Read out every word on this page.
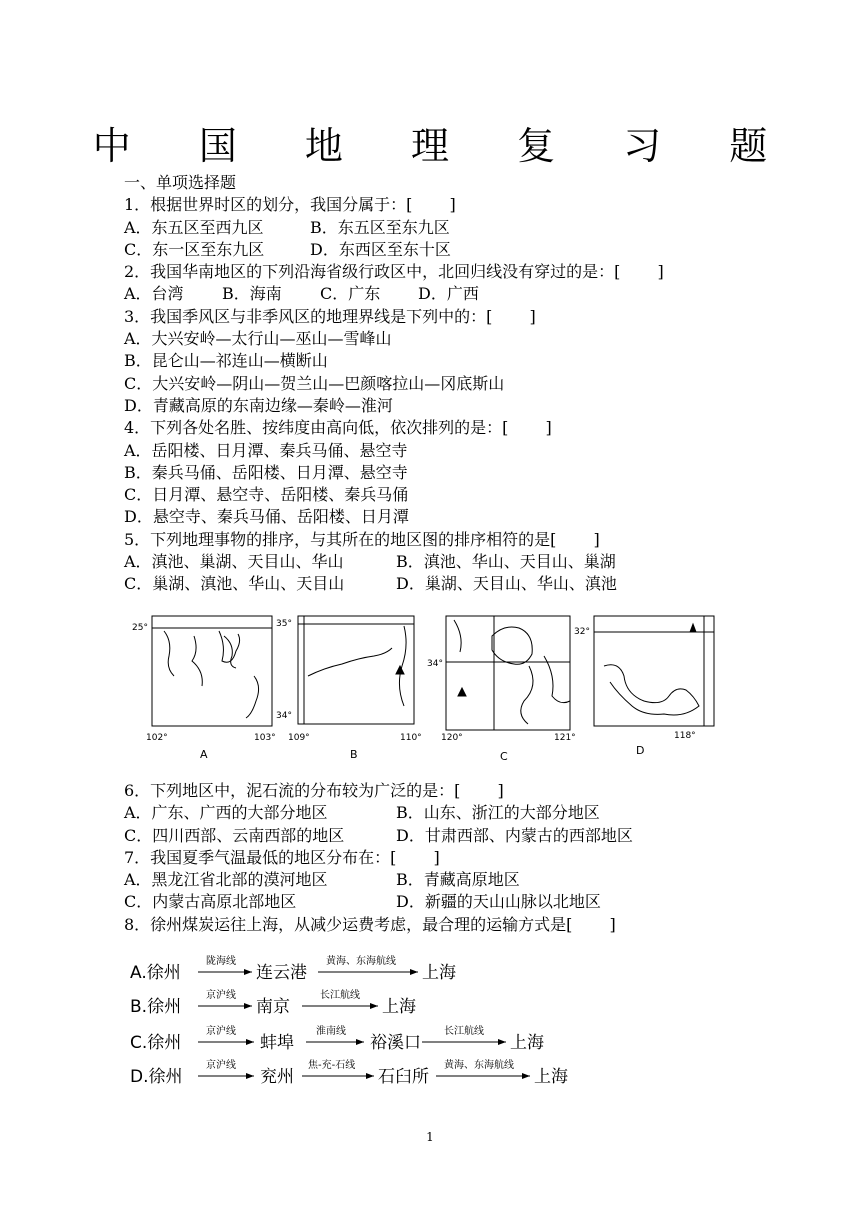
中 国 地 理 复 习 题
一、单项选择题
1．根据世界时区的划分，我国分属于：[　　 ]
A．东五区至西九区	B．东五区至东九区
C．东一区至东九区	D．东西区至东十区
2．我国华南地区的下列沿海省级行政区中，北回归线没有穿过的是：[　　 ]
A．台湾	B．海南	C．广东	D．广西
3．我国季风区与非季风区的地理界线是下列中的：[　　 ]
A．大兴安岭—太行山—巫山—雪峰山
B．昆仑山—祁连山—横断山
C．大兴安岭—阴山—贺兰山—巴颜喀拉山—冈底斯山
D．青藏高原的东南边缘—秦岭—淮河
4．下列各处名胜、按纬度由高向低，依次排列的是：[　　 ]
A．岳阳楼、日月潭、秦兵马俑、悬空寺
B．秦兵马俑、岳阳楼、日月潭、悬空寺
C．日月潭、悬空寺、岳阳楼、秦兵马俑
D．悬空寺、秦兵马俑、岳阳楼、日月潭
5．下列地理事物的排序，与其所在的地区图的排序相符的是[　　 ]
A．滇池、巢湖、天目山、华山	B．滇池、华山、天目山、巢湖
C．巢湖、滇池、华山、天目山	D．巢湖、天目山、华山、滇池
25°
102°	103°
A
35°
34°
109°	110°
B
34°
120°	121°
C
32°
118°
D
6．下列地区中，泥石流的分布较为广泛的是：[　　 ]
A．广东、广西的大部分地区	B．山东、浙江的大部分地区
C．四川西部、云南西部的地区	D．甘肃西部、内蒙古的西部地区
7．我国夏季气温最低的地区分布在：[　　 ]
A．黑龙江省北部的漠河地区	B．青藏高原地区
C．内蒙古高原北部地区	D．新疆的天山山脉以北地区
8．徐州煤炭运往上海，从减少运费考虑，最合理的运输方式是[　　 ]
A.徐州	连云港	上海
B.徐州	南京	上海
C.徐州	蚌埠	裕溪口	上海
D.徐州	兖州	石臼所	上海
陇海线	黄海、东海航线
京沪线	长江航线
京沪线	淮南线	长江航线
京沪线	焦-充-石线	黄海、东海航线
1
